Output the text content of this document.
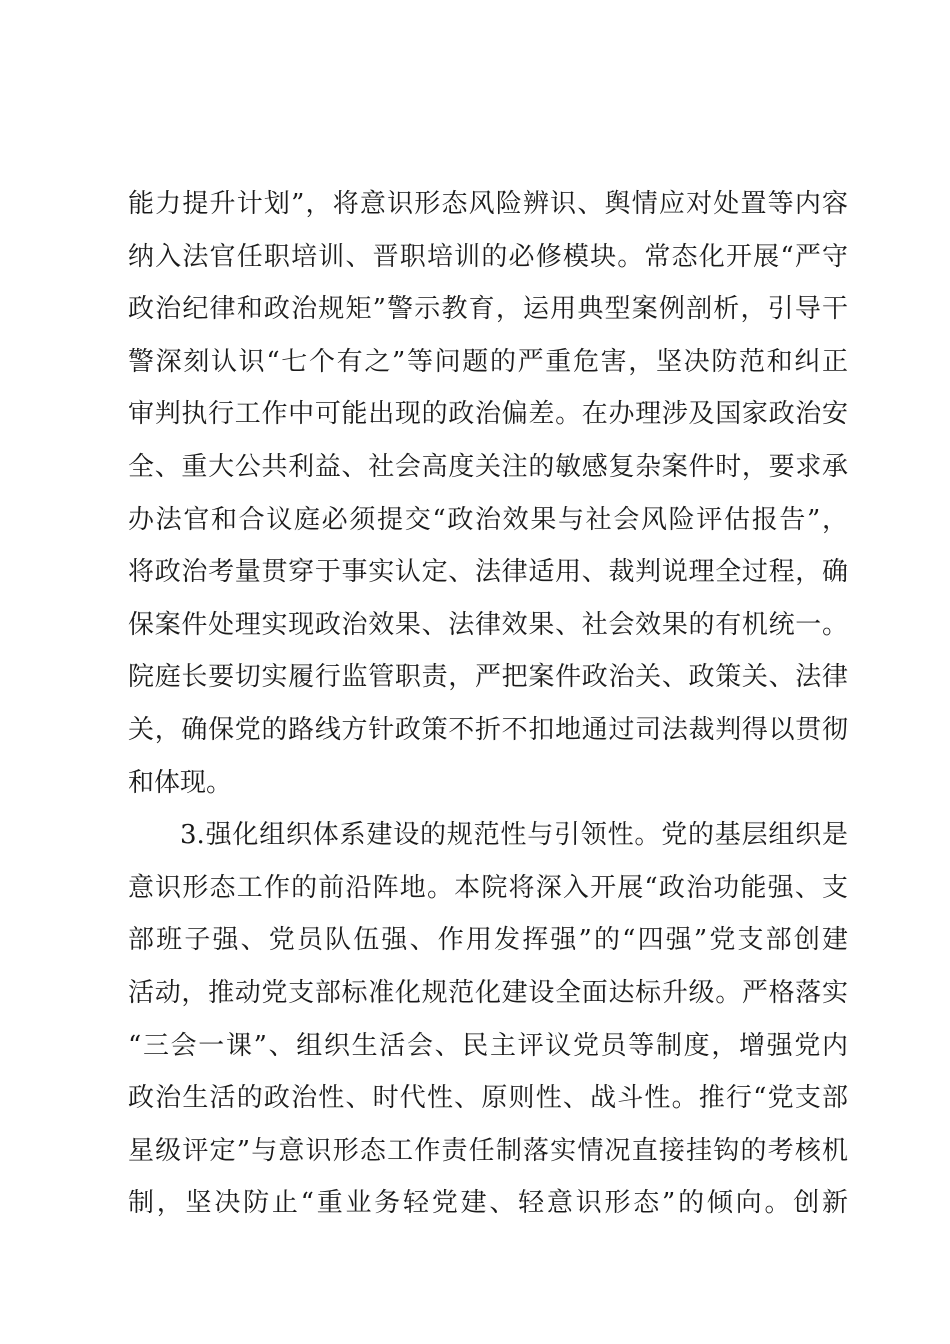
能力提升计划”，将意识形态风险辨识、舆情应对处置等内容
纳入法官任职培训、晋职培训的必修模块。常态化开展“严守
政治纪律和政治规矩”警示教育，运用典型案例剖析，引导干
警深刻认识“七个有之”等问题的严重危害，坚决防范和纠正
审判执行工作中可能出现的政治偏差。在办理涉及国家政治安
全、重大公共利益、社会高度关注的敏感复杂案件时，要求承
办法官和合议庭必须提交“政治效果与社会风险评估报告”，
将政治考量贯穿于事实认定、法律适用、裁判说理全过程，确
保案件处理实现政治效果、法律效果、社会效果的有机统一。
院庭长要切实履行监管职责，严把案件政治关、政策关、法律
关，确保党的路线方针政策不折不扣地通过司法裁判得以贯彻
和体现。
3.强化组织体系建设的规范性与引领性。党的基层组织是
意识形态工作的前沿阵地。本院将深入开展“政治功能强、支
部班子强、党员队伍强、作用发挥强”的“四强”党支部创建
活动，推动党支部标准化规范化建设全面达标升级。严格落实
“三会一课”、组织生活会、民主评议党员等制度，增强党内
政治生活的政治性、时代性、原则性、战斗性。推行“党支部
星级评定”与意识形态工作责任制落实情况直接挂钩的考核机
制，坚决防止“重业务轻党建、轻意识形态”的倾向。创新
